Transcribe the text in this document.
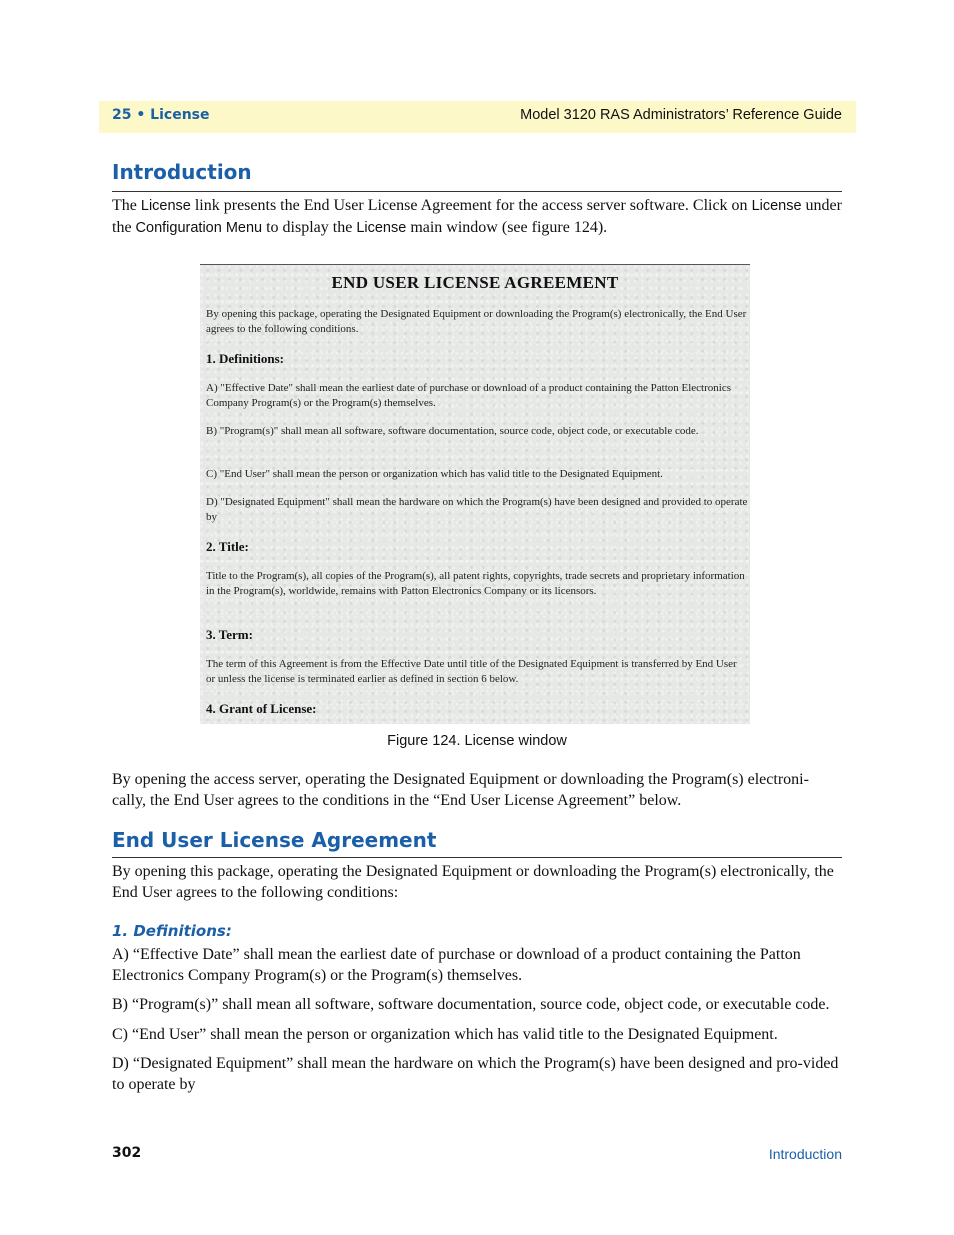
25 • License	Model 3120 RAS Administrators’ Reference Guide
Introduction

The License link presents the End User License Agreement for the access server software. Click on License under the Configuration Menu to display the License main window (see figure 124).

END USER LICENSE AGREEMENT
By opening this package, operating the Designated Equipment or downloading the Program(s) electronically, the End User agrees to the following conditions.
1. Definitions:
A) "Effective Date" shall mean the earliest date of purchase or download of a product containing the Patton Electronics Company Program(s) or the Program(s) themselves.
B) "Program(s)" shall mean all software, software documentation, source code, object code, or executable code.
C) "End User" shall mean the person or organization which has valid title to the Designated Equipment.
D) "Designated Equipment" shall mean the hardware on which the Program(s) have been designed and provided to operate by
2. Title:
Title to the Program(s), all copies of the Program(s), all patent rights, copyrights, trade secrets and proprietary information in the Program(s), worldwide, remains with Patton Electronics Company or its licensors.
3. Term:
The term of this Agreement is from the Effective Date until title of the Designated Equipment is transferred by End User or unless the license is terminated earlier as defined in section 6 below.
4. Grant of License:
Figure 124. License window

By opening the access server, operating the Designated Equipment or downloading the Program(s) electroni-cally, the End User agrees to the conditions in the “End User License Agreement” below.

End User License Agreement

By opening this package, operating the Designated Equipment or downloading the Program(s) electronically, the End User agrees to the following conditions:

1. Definitions:

A) “Effective Date” shall mean the earliest date of purchase or download of a product containing the Patton Electronics Company Program(s) or the Program(s) themselves.

B) “Program(s)” shall mean all software, software documentation, source code, object code, or executable code.

C) “End User” shall mean the person or organization which has valid title to the Designated Equipment.

D) “Designated Equipment” shall mean the hardware on which the Program(s) have been designed and pro-vided to operate by

302	Introduction
